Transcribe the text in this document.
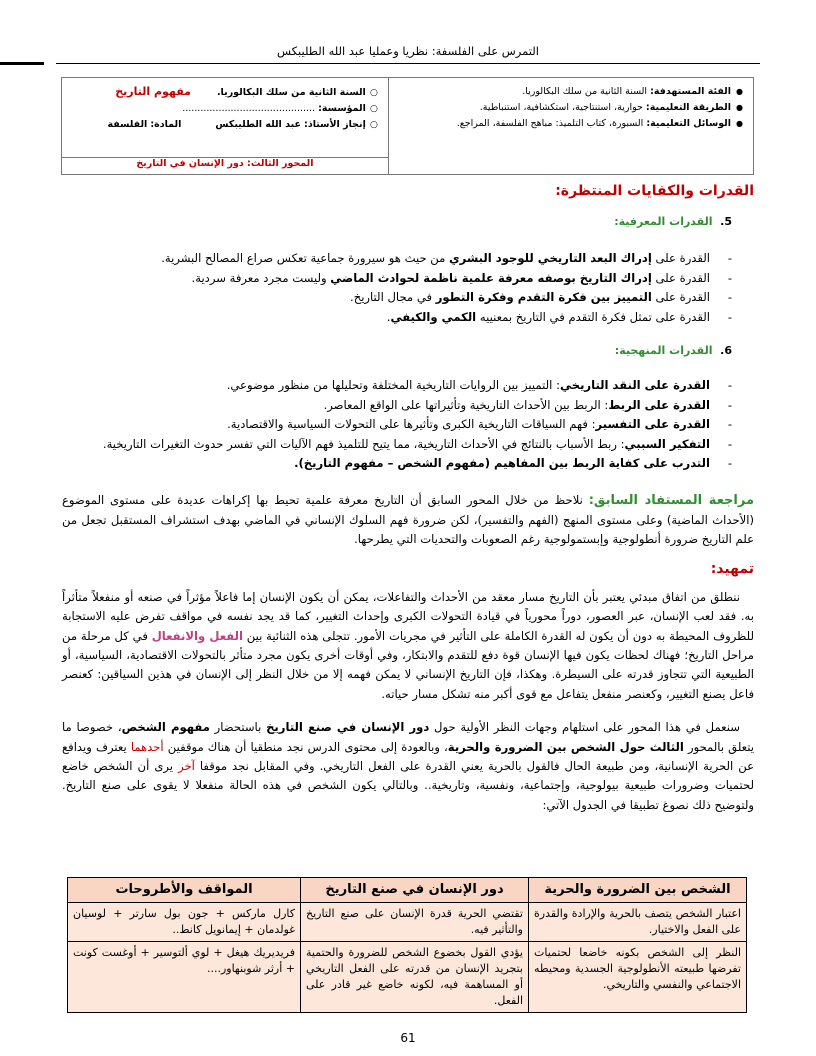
التمرس على الفلسفة: نظريا وعمليا عبد الله الطليبكس
●الفئة المستهدفة: السنة الثانية من سلك البكالوريا.
●الطريقة التعليمية: حوارية، استنتاجية، استكشافية، استنباطية.
●الوسائل التعليمية: السبورة، كتاب التلميذ: مباهج الفلسفة، المراجع.

○السنة الثانية من سلك البكالوريا.مفهوم التاريخ
○المؤسسة: ............................................
○إنجاز الأستاذ: عبد الله الطليبكسالمادة: الفلسفة

المحور الثالث: دور الإنسان في التاريخ
القدرات والكفايات المنتظرة:
5.  القدرات المعرفية:
- القدرة على إدراك البعد التاريخي للوجود البشري من حيث هو سيرورة جماعية تعكس صراع المصالح البشرية.
- القدرة على إدراك التاريخ بوصفه معرفة علمية ناظمة لحوادث الماضي وليست مجرد معرفة سردية.
- القدرة على التمييز بين فكرة التقدم وفكرة التطور في مجال التاريخ.
- القدرة على تمثل فكرة التقدم في التاريخ بمعنييه الكمي والكيفي.
6.  القدرات المنهجية:
- القدرة على النقد التاريخي: التمييز بين الروايات التاريخية المختلفة وتحليلها من منظور موضوعي.
- القدرة على الربط: الربط بين الأحداث التاريخية وتأثيراتها على الواقع المعاصر.
- القدرة على التفسير: فهم السياقات التاريخية الكبرى وتأثيرها على التحولات السياسية والاقتصادية.
- التفكير السببي: ربط الأسباب بالنتائج في الأحداث التاريخية، مما يتيح للتلميذ فهم الآليات التي تفسر حدوث التغيرات التاريخية.
- التدرب على كفاية الربط بين المفاهيم (مفهوم الشخص – مفهوم التاريخ).

مراجعة المستفاد السابق: نلاحظ من خلال المحور السابق أن التاريخ معرفة علمية تحيط بها إكراهات عديدة على مستوى الموضوع (الأحداث الماضية) وعلى مستوى المنهج (الفهم والتفسير)، لكن ضرورة فهم السلوك الإنساني في الماضي بهدف استشراف المستقبل تجعل من علم التاريخ ضرورة أنطولوجية وإبستمولوجية رغم الصعوبات والتحديات التي يطرحها.

تمهيد:

ننطلق من اتفاق مبدئي يعتبر بأن التاريخ مسار معقد من الأحداث والتفاعلات، يمكن أن يكون الإنسان إما فاعلاً مؤثراً في صنعه أو منفعلاً متأثراً به. فقد لعب الإنسان، عبر العصور، دوراً محورياً في قيادة التحولات الكبرى وإحداث التغيير، كما قد يجد نفسه في مواقف تفرض عليه الاستجابة للظروف المحيطة به دون أن يكون له القدرة الكاملة على التأثير في مجريات الأمور. تتجلى هذه الثنائية بين الفعل والانفعال في كل مرحلة من مراحل التاريخ؛ فهناك لحظات يكون فيها الإنسان قوة دفع للتقدم والابتكار، وفي أوقات أخرى يكون مجرد متأثر بالتحولات الاقتصادية، السياسية، أو الطبيعية التي تتجاوز قدرته على السيطرة. وهكذا، فإن التاريخ الإنساني لا يمكن فهمه إلا من خلال النظر إلى الإنسان في هذين السياقين: كعنصر فاعل يصنع التغيير، وكعنصر منفعل يتفاعل مع قوى أكبر منه تشكل مسار حياته.

سنعمل في هذا المحور على استلهام وجهات النظر الأولية حول دور الإنسان في صنع التاريخ باستحضار مفهوم الشخص، خصوصا ما يتعلق بالمحور الثالث حول الشخص بين الضرورة والحرية، وبالعودة إلى محتوى الدرس نجد منطقيا أن هناك موقفين أحدهما يعترف ويدافع عن الحرية الإنسانية، ومن طبيعة الحال فالقول بالحرية يعني القدرة على الفعل التاريخي. وفي المقابل نجد موقفا آخر يرى أن الشخص خاضع لحتميات وضرورات طبيعية بيولوجية، وإجتماعية، ونفسية، وتاريخية.. وبالتالي يكون الشخص في هذه الحالة منفعلا لا يقوى على صنع التاريخ. ولتوضيح ذلك نصوغ تطبيقا في الجدول الآتي:

الشخص بين الضرورة والحرية	دور الإنسان في صنع التاريخ	المواقف والأطروحات
اعتبار الشخص يتصف بالحرية والإرادة والقدرة على الفعل والاختيار.	تقتضي الحرية قدرة الإنسان على صنع التاريخ والتأثير فيه.	كارل ماركس + جون بول سارتر + لوسيان غولدمان + إيمانويل كانط..
النظر إلى الشخص بكونه خاضعا لحتميات تفرضها طبيعته الأنطولوجية الجسدية ومحيطه الاجتماعي والنفسي والتاريخي.	يؤدي القول بخضوع الشخص للضرورة والحتمية بتجريد الإنسان من قدرته على الفعل التاريخي أو المساهمة فيه، لكونه خاضع غير قادر على الفعل.	فريديريك هيغل + لوي ألتوسير + أوغست كونت + أرثر شوبنهاور....
61
